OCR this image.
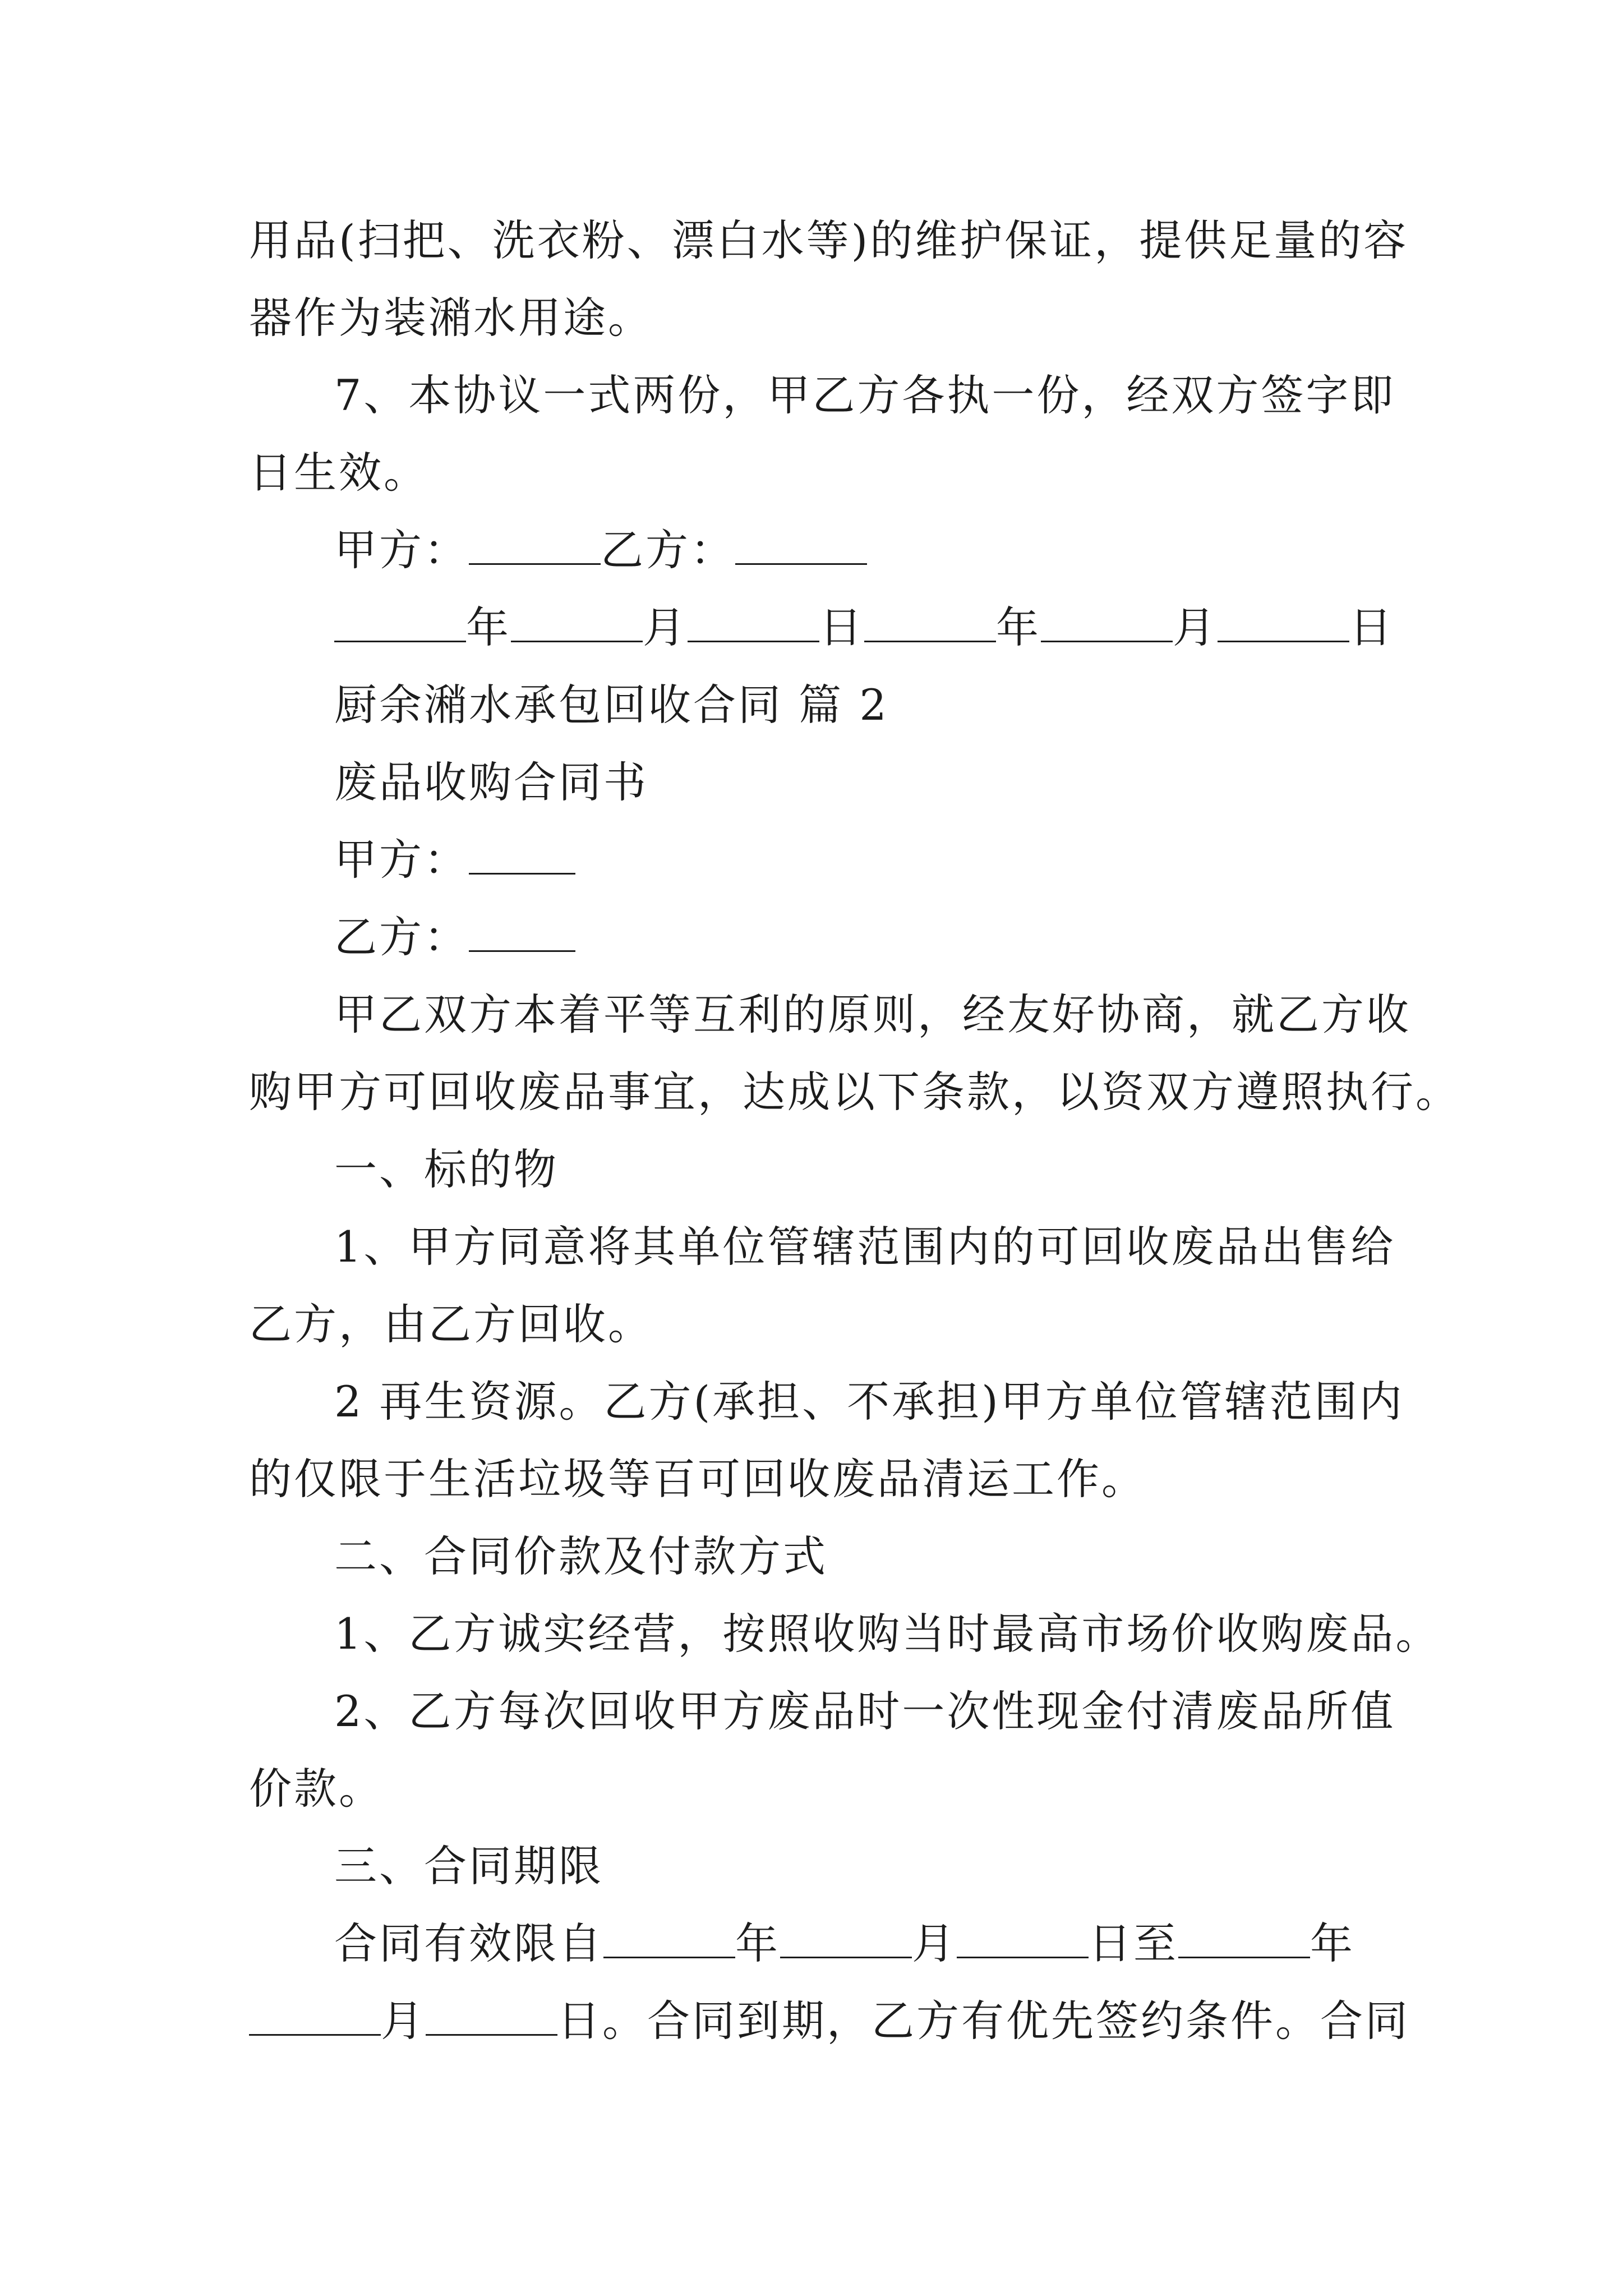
用品(扫把、洗衣粉、漂白水等)的维护保证，提供足量的容
器作为装潲水用途。
7、本协议一式两份，甲乙方各执一份，经双方签字即
日生效。
甲方：	乙方：
年	月	日	年	月	日
厨余潲水承包回收合同 篇 2
废品收购合同书
甲方：
乙方：
甲乙双方本着平等互利的原则，经友好协商，就乙方收
购甲方可回收废品事宜，达成以下条款，以资双方遵照执行。
一、标的物
1、甲方同意将其单位管辖范围内的可回收废品出售给
乙方，由乙方回收。
2 再生资源。乙方(承担、不承担)甲方单位管辖范围内
的仅限于生活垃圾等百可回收废品清运工作。
二、合同价款及付款方式
1、乙方诚实经营，按照收购当时最高市场价收购废品。
2、乙方每次回收甲方废品时一次性现金付清废品所值
价款。
三、合同期限
合同有效限自	年	月	日至	年
月	日。合同到期，乙方有优先签约条件。合同
